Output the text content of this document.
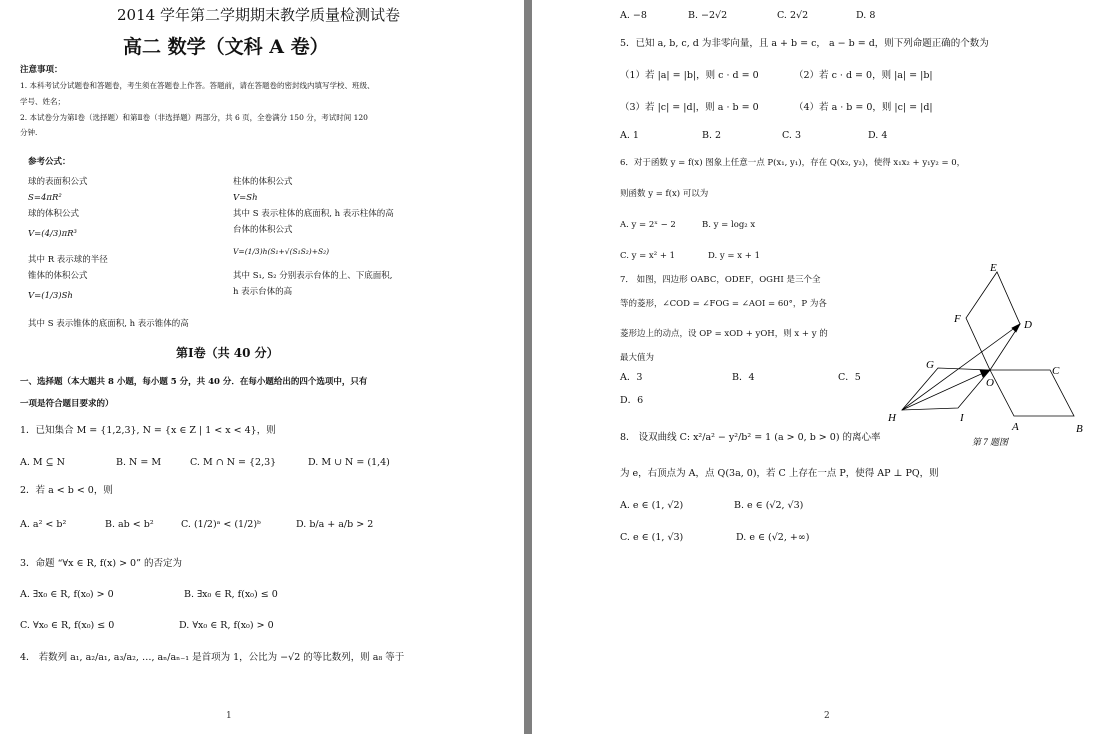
2014 学年第二学期期末教学质量检测试卷
高二 数学（文科 A 卷）
注意事项：
1. 本科考试分试题卷和答题卷，考生须在答题卷上作答。答题前，请在答题卷的密封线内填写学校、班级、
学号、姓名；
2. 本试卷分为第Ⅰ卷（选择题）和第Ⅱ卷（非选择题）两部分，共 6 页，全卷满分 150 分，考试时间 120
分钟.
参考公式：
球的表面积公式
S=4πR²
球的体积公式
V=(4/3)πR³
其中 R 表示球的半径
锥体的体积公式
V=(1/3)Sh
柱体的体积公式
V=Sh
其中 S 表示柱体的底面积, h 表示柱体的高
台体的体积公式
V=(1/3)h(S₁+√(S₁S₂)+S₂)
其中 S₁, S₂ 分别表示台体的上、下底面积,
h 表示台体的高
其中 S 表示锥体的底面积, h 表示锥体的高
第Ⅰ卷（共 40 分）
一、选择题（本大题共 8 小题，每小题 5 分，共 40 分．在每小题给出的四个选项中，只有
一项是符合题目要求的）
1．已知集合 M = {1,2,3}, N = {x ∈ Z | 1 < x < 4}，则
A. M ⊆ N	B. N = M	C. M ∩ N = {2,3}	D. M ∪ N = (1,4)
2．若 a < b < 0，则
A. a² < b²	B. ab < b²	C. (1/2)ᵃ < (1/2)ᵇ	D. b/a + a/b > 2
3．命题 “∀x ∈ R, f(x) > 0” 的否定为
A. ∃x₀ ∈ R, f(x₀) > 0	B. ∃x₀ ∈ R, f(x₀) ≤ 0
C. ∀x₀ ∈ R, f(x₀) ≤ 0	D. ∀x₀ ∈ R, f(x₀) > 0
4． 若数列 a₁, a₂/a₁, a₃/a₂, …, aₙ/aₙ₋₁ 是首项为 1，公比为 −√2 的等比数列，则 a₈ 等于
1
A. −8	B. −2√2	C. 2√2	D. 8
5．已知 a, b, c, d 为非零向量，且 a + b = c， a − b = d，则下列命题正确的个数为
（1）若 |a| = |b|，则 c · d = 0	（2）若 c · d = 0，则 |a| = |b|
（3）若 |c| = |d|，则 a · b = 0	（4）若 a · b = 0，则 |c| = |d|
A. 1	B. 2	C. 3	D. 4
6．对于函数 y = f(x) 图象上任意一点 P(x₁, y₁)，存在 Q(x₂, y₂)，使得 x₁x₂ + y₁y₂ = 0，
则函数 y = f(x) 可以为
A. y = 2ˣ − 2	B. y = log₂ x
C. y = x² + 1	D. y = x + 1
7． 如图，四边形 OABC，ODEF，OGHI 是三个全
等的菱形，∠COD = ∠FOG = ∠AOI = 60°，P 为各
菱形边上的动点，设 OP = xOD + yOH，则 x + y 的
最大值为
A．3	B．4	C．5
D．6
E
F	D
G	C
O
H	I
A	B
第 7 题图
8． 设双曲线 C: x²/a² − y²/b² = 1 (a > 0, b > 0) 的离心率
为 e，右顶点为 A，点 Q(3a, 0)，若 C 上存在一点 P，使得 AP ⊥ PQ，则
A. e ∈ (1, √2)	B. e ∈ (√2, √3)
C. e ∈ (1, √3)	D. e ∈ (√2, +∞)
2
